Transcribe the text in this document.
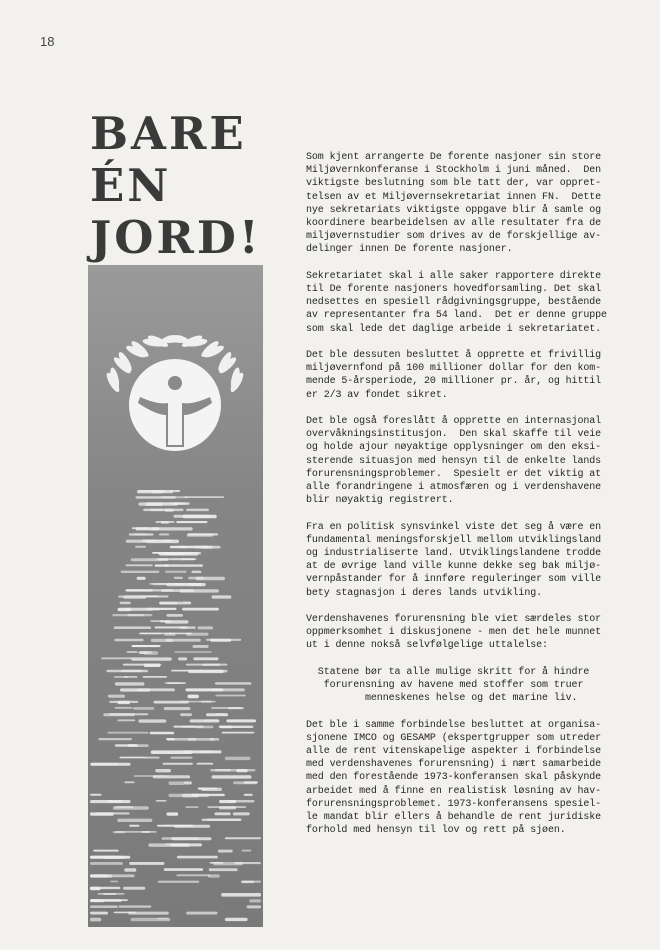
18
BARE
ÉN
JORD!

Som kjent arrangerte De forente nasjoner sin store
Miljøvernkonferanse i Stockholm i juni måned.  Den
viktigste beslutning som ble tatt der, var oppret-
telsen av et Miljøvernsekretariat innen FN.  Dette
nye sekretariats viktigste oppgave blir å samle og
koordinere bearbeidelsen av alle resultater fra de
miljøvernstudier som drives av de forskjellige av-
delinger innen De forente nasjoner.

Sekretariatet skal i alle saker rapportere direkte
til De forente nasjoners hovedforsamling. Det skal
nedsettes en spesiell rådgivningsgruppe, bestående
av representanter fra 54 land.  Det er denne gruppe
som skal lede det daglige arbeide i sekretariatet.

Det ble dessuten besluttet å opprette et frivillig
miljøvernfond på 100 millioner dollar for den kom-
mende 5-årsperiode, 20 millioner pr. år, og hittil
er 2/3 av fondet sikret.

Det ble også foreslått å opprette en internasjonal
overvåkningsinstitusjon.  Den skal skaffe til veie
og holde ajour nøyaktige opplysninger om den eksi-
sterende situasjon med hensyn til de enkelte lands
forurensningsproblemer.  Spesielt er det viktig at
alle forandringene i atmosfæren og i verdenshavene
blir nøyaktig registrert.

Fra en politisk synsvinkel viste det seg å være en
fundamental meningsforskjell mellom utviklingsland
og industrialiserte land. Utviklingslandene trodde
at de øvrige land ville kunne dekke seg bak miljø-
vernpåstander for å innføre reguleringer som ville
bety stagnasjon i deres lands utvikling.

Verdenshavenes forurensning ble viet særdeles stor
oppmerksomhet i diskusjonene - men det hele munnet
ut i denne nokså selvfølgelige uttalelse:

Statene bør ta alle mulige skritt for å hindre
forurensning av havene med stoffer som truer
menneskenes helse og det marine liv.

Det ble i samme forbindelse besluttet at organisa-
sjonene IMCO og GESAMP (ekspertgrupper som utreder
alle de rent vitenskapelige aspekter i forbindelse
med verdenshavenes forurensning) i nært samarbeide
med den forestående 1973-konferansen skal påskynde
arbeidet med å finne en realistisk løsning av hav-
forurensningsproblemet. 1973-konferansens spesiel-
le mandat blir ellers å behandle de rent juridiske
forhold med hensyn til lov og rett på sjøen.
